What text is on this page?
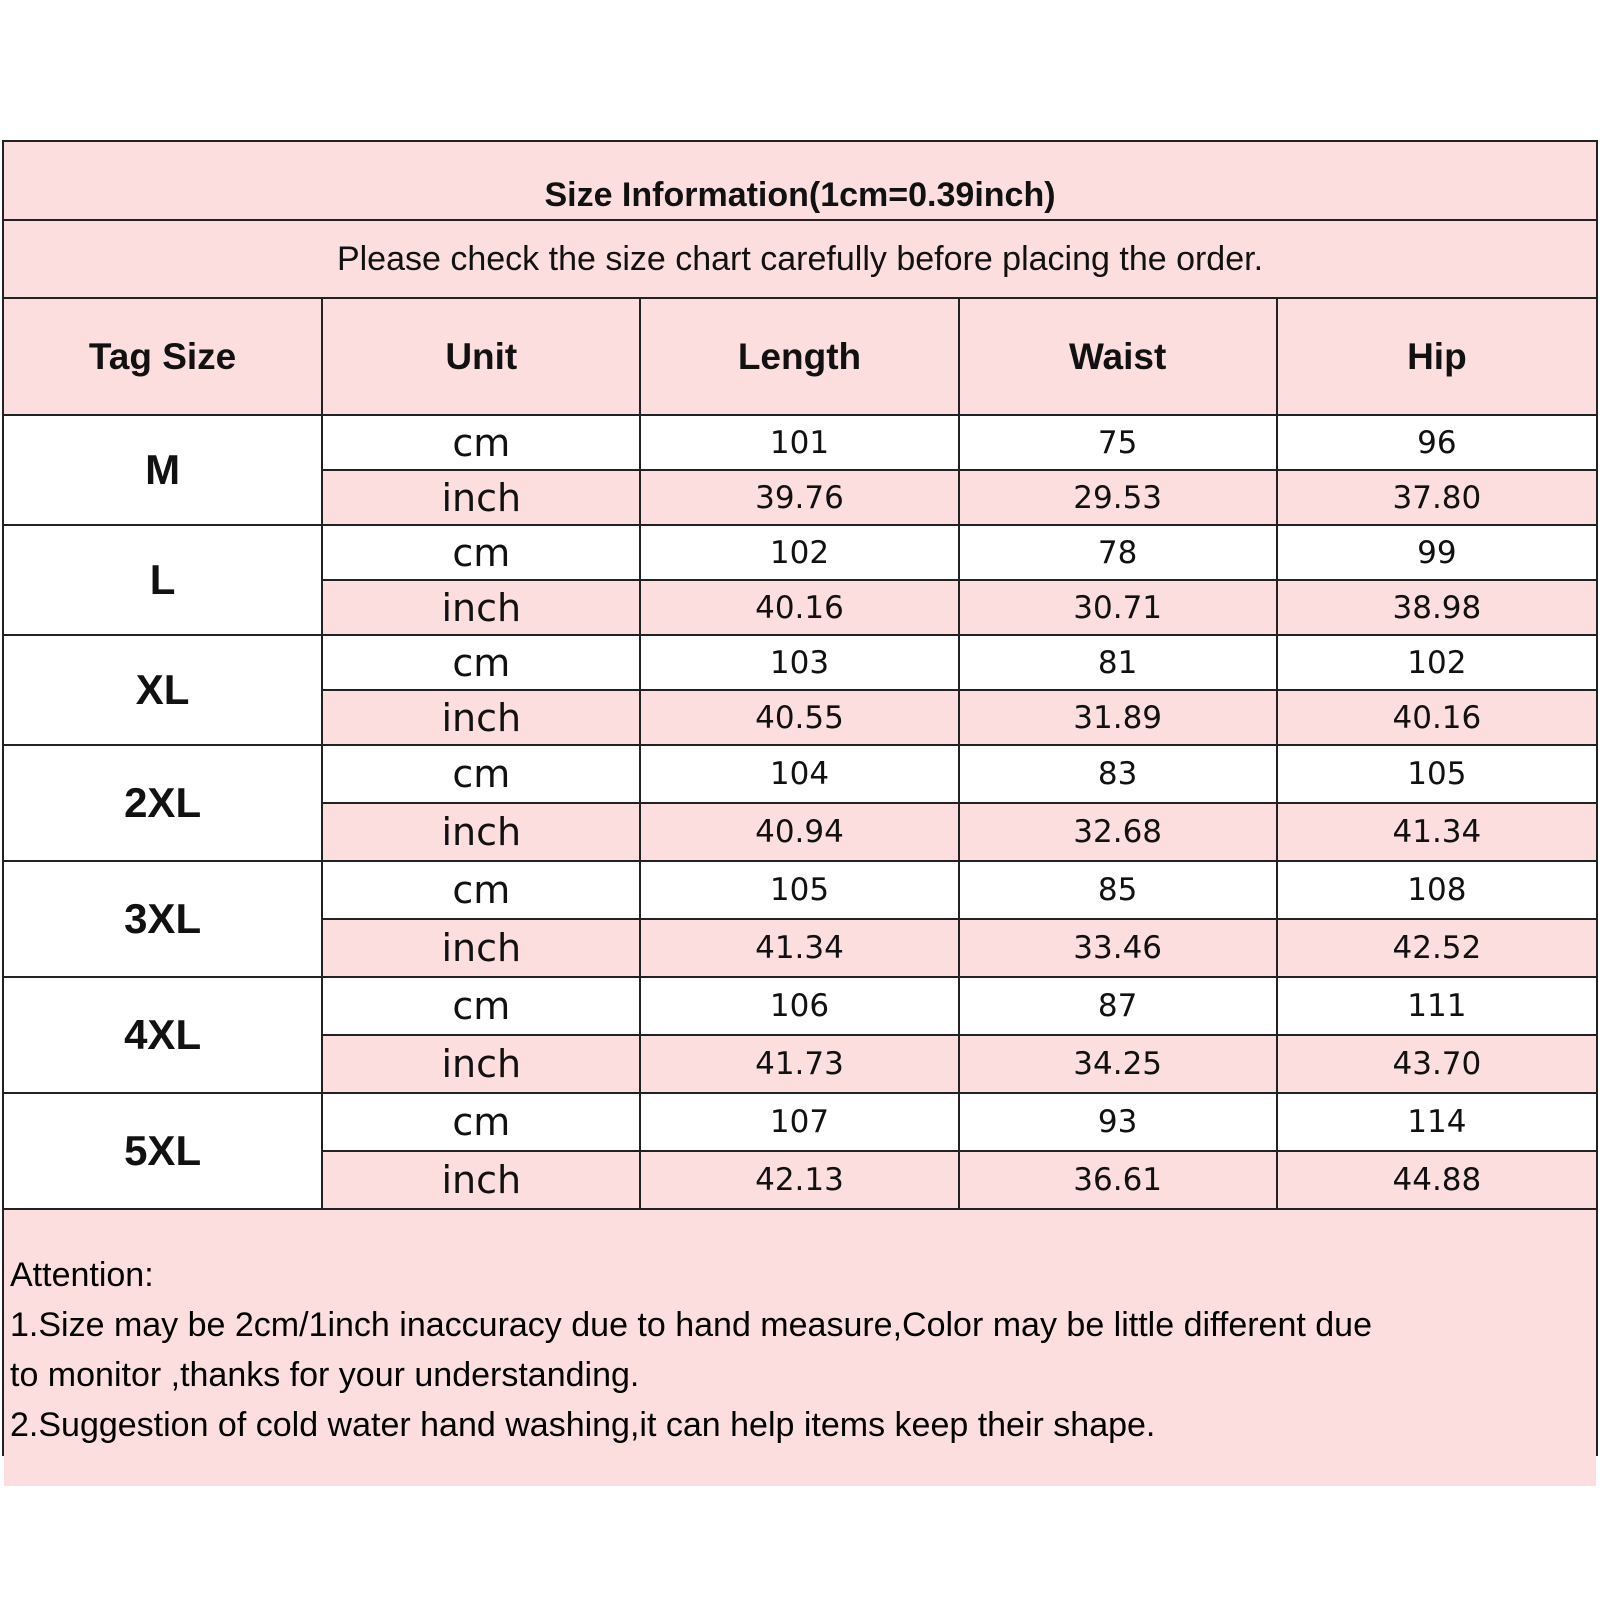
Size Information(1cm=0.39inch)				
Please check the size chart carefully before placing the order.				
Tag Size	Unit	Length	Waist	Hip
M	cm	101	75	96
	inch	39.76	29.53	37.80
L	cm	102	78	99
	inch	40.16	30.71	38.98
XL	cm	103	81	102
	inch	40.55	31.89	40.16
2XL	cm	104	83	105
	inch	40.94	32.68	41.34
3XL	cm	105	85	108
	inch	41.34	33.46	42.52
4XL	cm	106	87	111
	inch	41.73	34.25	43.70
5XL	cm	107	93	114
	inch	42.13	36.61	44.88
Attention:
1.Size may be 2cm/1inch inaccuracy due to hand measure,Color may be little different due
to monitor ,thanks for your understanding.
2.Suggestion of cold water hand washing,it can help items keep their shape.
